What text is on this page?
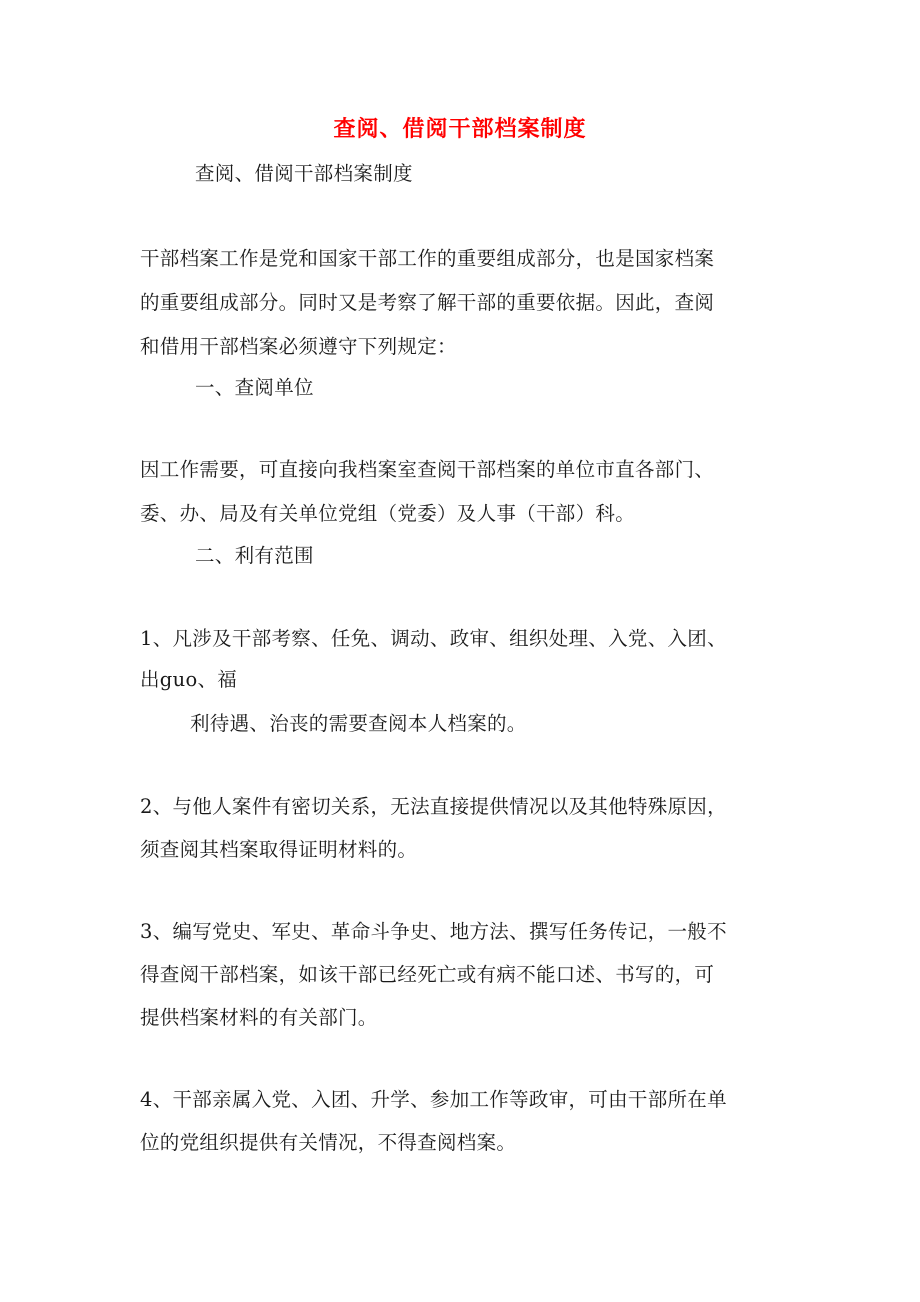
查阅、借阅干部档案制度
查阅、借阅干部档案制度
干部档案工作是党和国家干部工作的重要组成部分，也是国家档案
的重要组成部分。同时又是考察了解干部的重要依据。因此，查阅
和借用干部档案必须遵守下列规定：
一、查阅单位
因工作需要，可直接向我档案室查阅干部档案的单位市直各部门、
委、办、局及有关单位党组（党委）及人事（干部）科。
二、利有范围
1、凡涉及干部考察、任免、调动、政审、组织处理、入党、入团、
出guo、福
利待遇、治丧的需要查阅本人档案的。
2、与他人案件有密切关系，无法直接提供情况以及其他特殊原因，
须查阅其档案取得证明材料的。
3、编写党史、军史、革命斗争史、地方法、撰写任务传记，一般不
得查阅干部档案，如该干部已经死亡或有病不能口述、书写的，可
提供档案材料的有关部门。
4、干部亲属入党、入团、升学、参加工作等政审，可由干部所在单
位的党组织提供有关情况，不得查阅档案。
